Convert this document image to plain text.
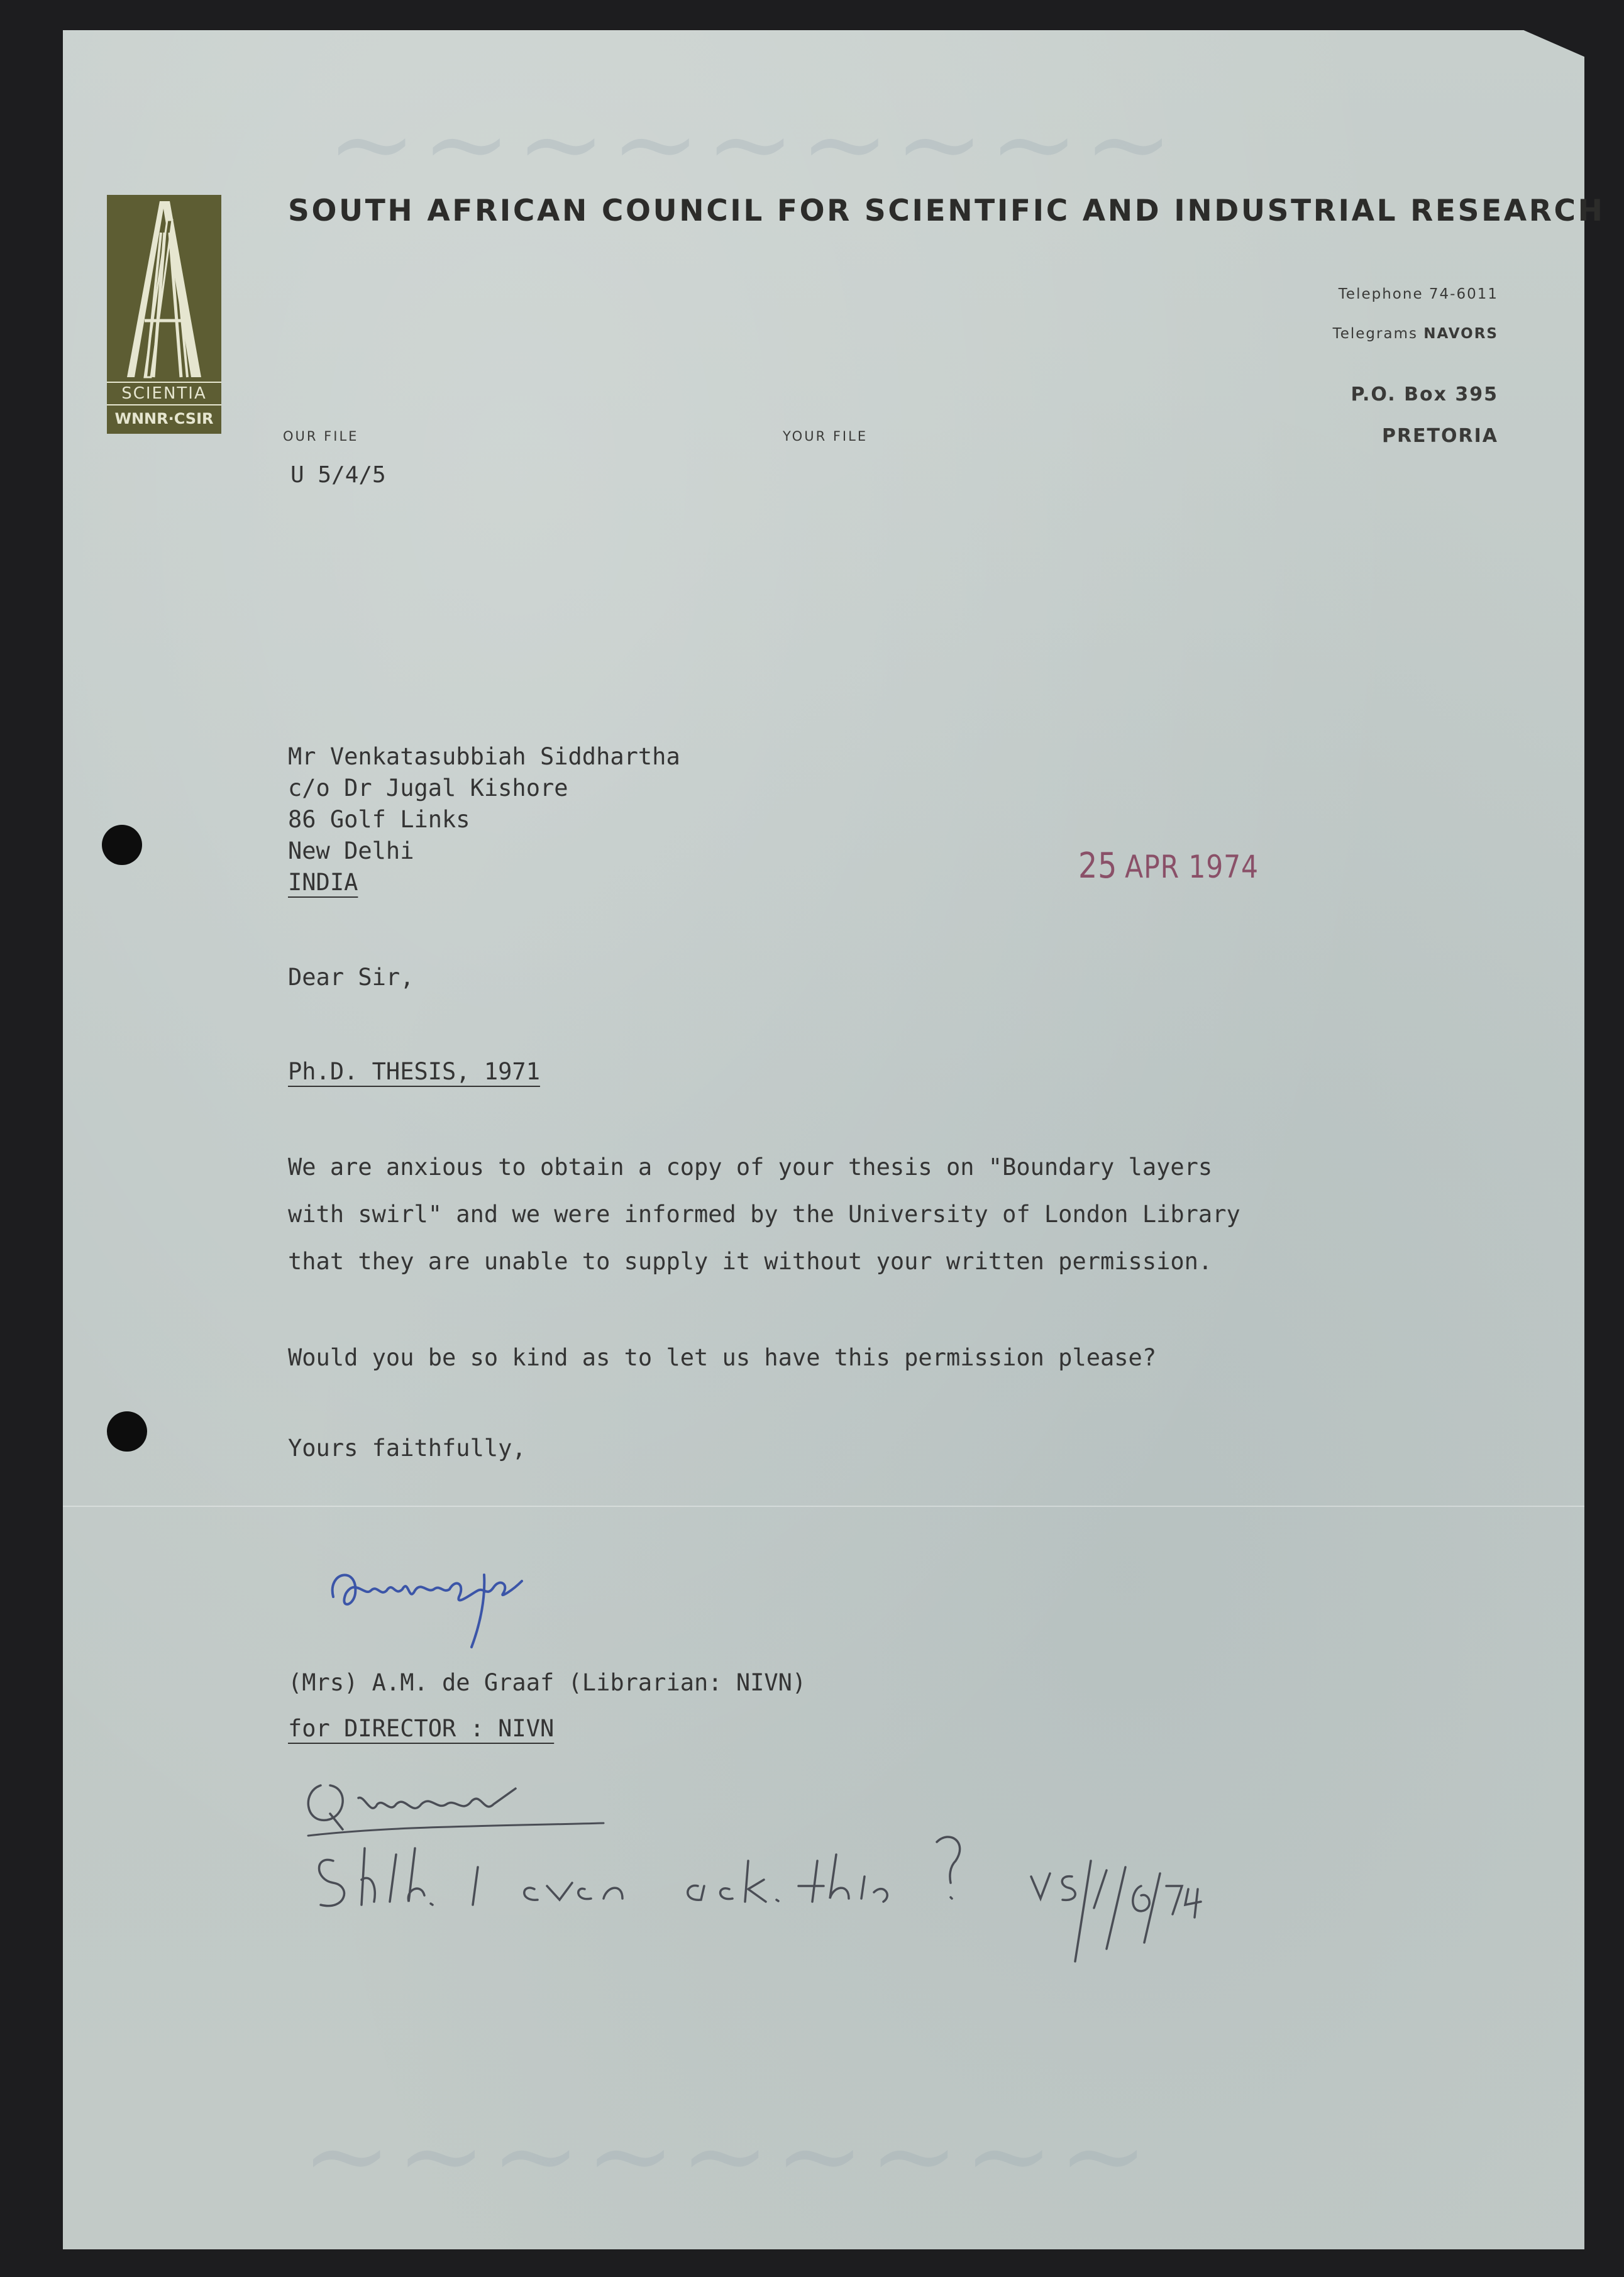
~~~~~~~~~
~~~~~~~~~
SCIENTIA
WNNR·CSIR
SOUTH AFRICAN COUNCIL FOR SCIENTIFIC AND INDUSTRIAL RESEARCH
Telephone 74-6011
Telegrams NAVORS
P.O. Box 395
PRETORIA
OUR FILE
U 5/4/5
YOUR FILE
Mr Venkatasubbiah Siddhartha
c/o Dr Jugal Kishore
86 Golf Links
New Delhi
INDIA	25 APR 1974
Dear Sir,
Ph.D. THESIS, 1971
We are anxious to obtain a copy of your thesis on "Boundary layers
with swirl" and we were informed by the University of London Library
that they are unable to supply it without your written permission.
Would you be so kind as to let us have this permission please?
Yours faithfully,
(Mrs) A.M. de Graaf (Librarian: NIVN)
for DIRECTOR : NIVN
